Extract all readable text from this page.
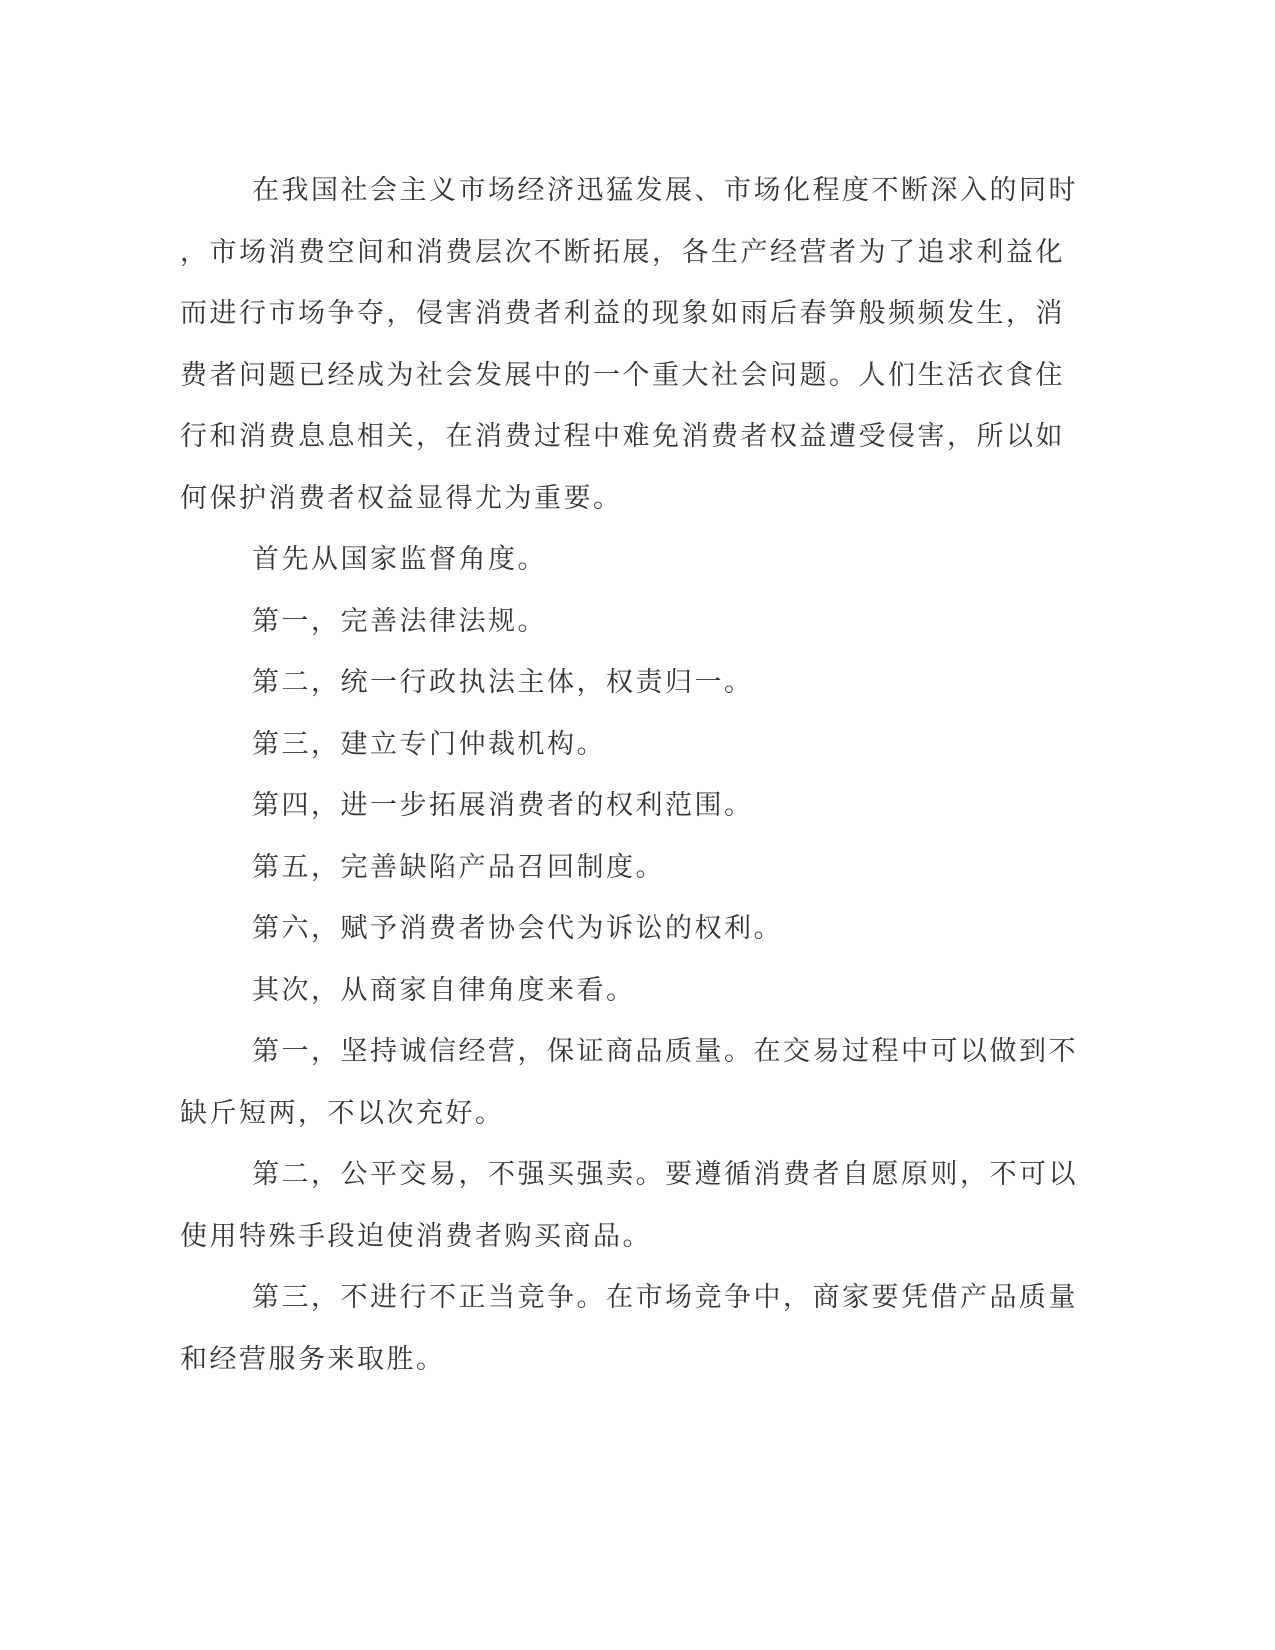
在我国社会主义市场经济迅猛发展、市场化程度不断深入的同时
，市场消费空间和消费层次不断拓展，各生产经营者为了追求利益化
而进行市场争夺，侵害消费者利益的现象如雨后春笋般频频发生，消
费者问题已经成为社会发展中的一个重大社会问题。人们生活衣食住
行和消费息息相关，在消费过程中难免消费者权益遭受侵害，所以如
何保护消费者权益显得尤为重要。

首先从国家监督角度。

第一，完善法律法规。

第二，统一行政执法主体，权责归一。

第三，建立专门仲裁机构。

第四，进一步拓展消费者的权利范围。

第五，完善缺陷产品召回制度。

第六，赋予消费者协会代为诉讼的权利。

其次，从商家自律角度来看。

第一，坚持诚信经营，保证商品质量。在交易过程中可以做到不
缺斤短两，不以次充好。

第二，公平交易，不强买强卖。要遵循消费者自愿原则，不可以
使用特殊手段迫使消费者购买商品。

第三，不进行不正当竞争。在市场竞争中，商家要凭借产品质量
和经营服务来取胜。
